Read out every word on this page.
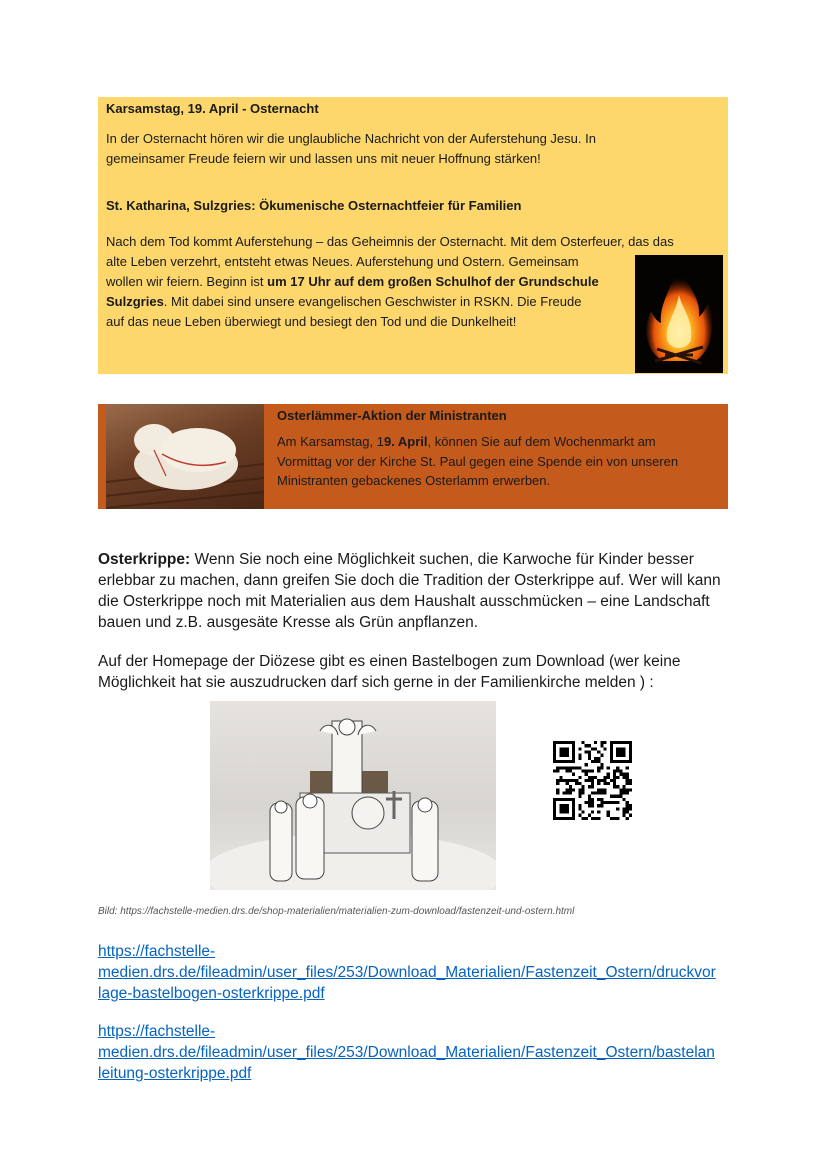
Karsamstag, 19. April - Osternacht
In der Osternacht hören wir die unglaubliche Nachricht von der Auferstehung Jesu. In
gemeinsamer Freude feiern wir und lassen uns mit neuer Hoffnung stärken!
St. Katharina, Sulzgries: Ökumenische Osternachtfeier für Familien
Nach dem Tod kommt Auferstehung – das Geheimnis der Osternacht. Mit dem Osterfeuer, das das
alte Leben verzehrt, entsteht etwas Neues. Auferstehung und Ostern. Gemeinsam
wollen wir feiern. Beginn ist um 17 Uhr auf dem großen Schulhof der Grundschule
Sulzgries. Mit dabei sind unsere evangelischen Geschwister in RSKN. Die Freude
auf das neue Leben überwiegt und besiegt den Tod und die Dunkelheit!
Osterlämmer-Aktion der Ministranten
Am Karsamstag, 19. April, können Sie auf dem Wochenmarkt am
Vormittag vor der Kirche St. Paul gegen eine Spende ein von unseren
Ministranten gebackenes Osterlamm erwerben.
Osterkrippe: Wenn Sie noch eine Möglichkeit suchen, die Karwoche für Kinder besser
erlebbar zu machen, dann greifen Sie doch die Tradition der Osterkrippe auf. Wer will kann
die Osterkrippe noch mit Materialien aus dem Haushalt ausschmücken – eine Landschaft
bauen und z.B. ausgesäte Kresse als Grün anpflanzen.
Auf der Homepage der Diözese gibt es einen Bastelbogen zum Download (wer keine
Möglichkeit hat sie auszudrucken darf sich gerne in der Familienkirche melden ) :
Bild: https://fachstelle-medien.drs.de/shop-materialien/materialien-zum-download/fastenzeit-und-ostern.html
https://fachstelle-
medien.drs.de/fileadmin/user_files/253/Download_Materialien/Fastenzeit_Ostern/druckvor
lage-bastelbogen-osterkrippe.pdf
https://fachstelle-
medien.drs.de/fileadmin/user_files/253/Download_Materialien/Fastenzeit_Ostern/bastelan
leitung-osterkrippe.pdf
